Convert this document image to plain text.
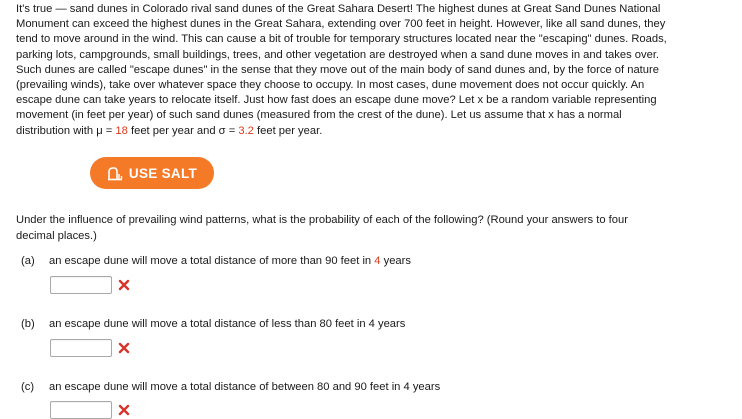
It's true — sand dunes in Colorado rival sand dunes of the Great Sahara Desert! The highest dunes at Great Sand Dunes National
Monument can exceed the highest dunes in the Great Sahara, extending over 700 feet in height. However, like all sand dunes, they
tend to move around in the wind. This can cause a bit of trouble for temporary structures located near the "escaping" dunes. Roads,
parking lots, campgrounds, small buildings, trees, and other vegetation are destroyed when a sand dune moves in and takes over.
Such dunes are called "escape dunes" in the sense that they move out of the main body of sand dunes and, by the force of nature
(prevailing winds), take over whatever space they choose to occupy. In most cases, dune movement does not occur quickly. An
escape dune can take years to relocate itself. Just how fast does an escape dune move? Let x be a random variable representing
movement (in feet per year) of such sand dunes (measured from the crest of the dune). Let us assume that x has a normal
distribution with μ = 18 feet per year and σ = 3.2 feet per year.
USE SALT
Under the influence of prevailing wind patterns, what is the probability of each of the following? (Round your answers to four
decimal places.)
(a) an escape dune will move a total distance of more than 90 feet in 4 years
(b) an escape dune will move a total distance of less than 80 feet in 4 years
(c) an escape dune will move a total distance of between 80 and 90 feet in 4 years
